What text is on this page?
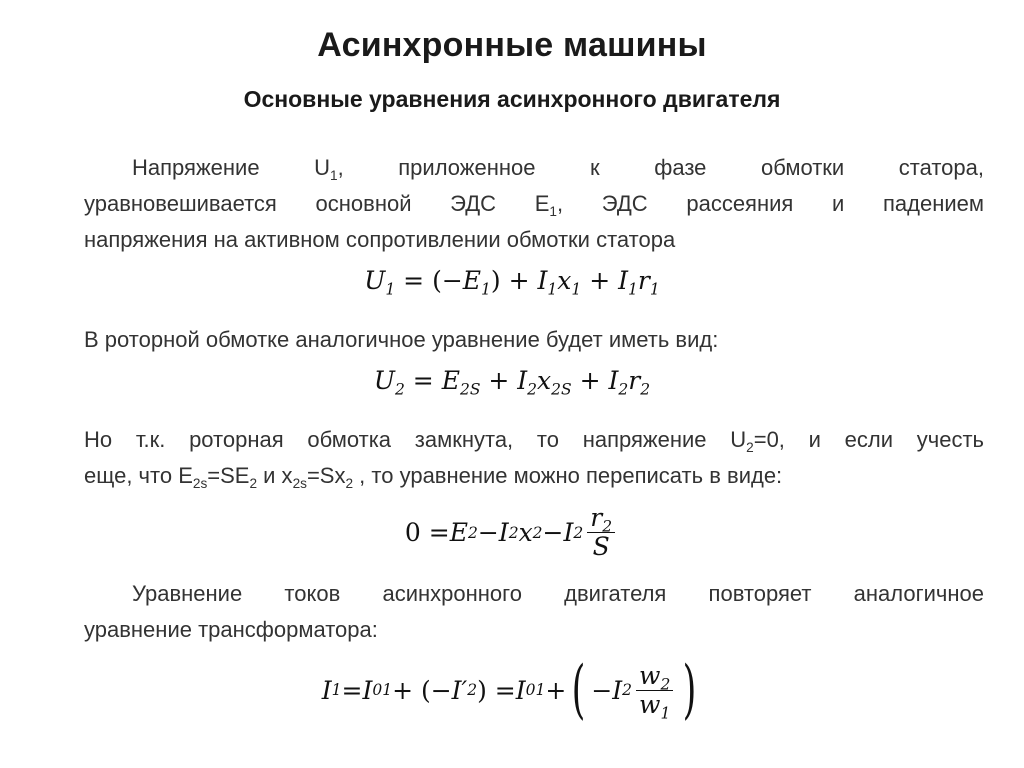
Асинхронные машины
Основные уравнения асинхронного двигателя
Напряжение $U_1$, приложенное к фазе обмотки статора,
уравновешивается основной ЭДС $Е_1$, ЭДС рассеяния и падением
напряжения на активном сопротивлении обмотки статора
$U_1 = (-E_1) + I_1x_1 + I_1r_1$
В роторной обмотке аналогичное уравнение будет иметь вид:
$U_2 = E_{2S} + I_2x_{2S} + I_2r_2$
Но т.к. роторная обмотка замкнута, то напряжение $U_2=0$, и если учесть
еще, что $Е_{2s}=SE_2$ и $x_{2s}=Sx_2$ , то уравнение можно переписать в виде:
0 = E 2 − I 2 x 2 − I $2 \frac{r_2}{S}$
Уравнение токов асинхронного двигателя повторяет аналогичное
уравнение трансформатора:
I 1 = I 01 + (− I′ 2 ) = I 01 + ( − I $2 \frac{w_2}{w_1}$ )
